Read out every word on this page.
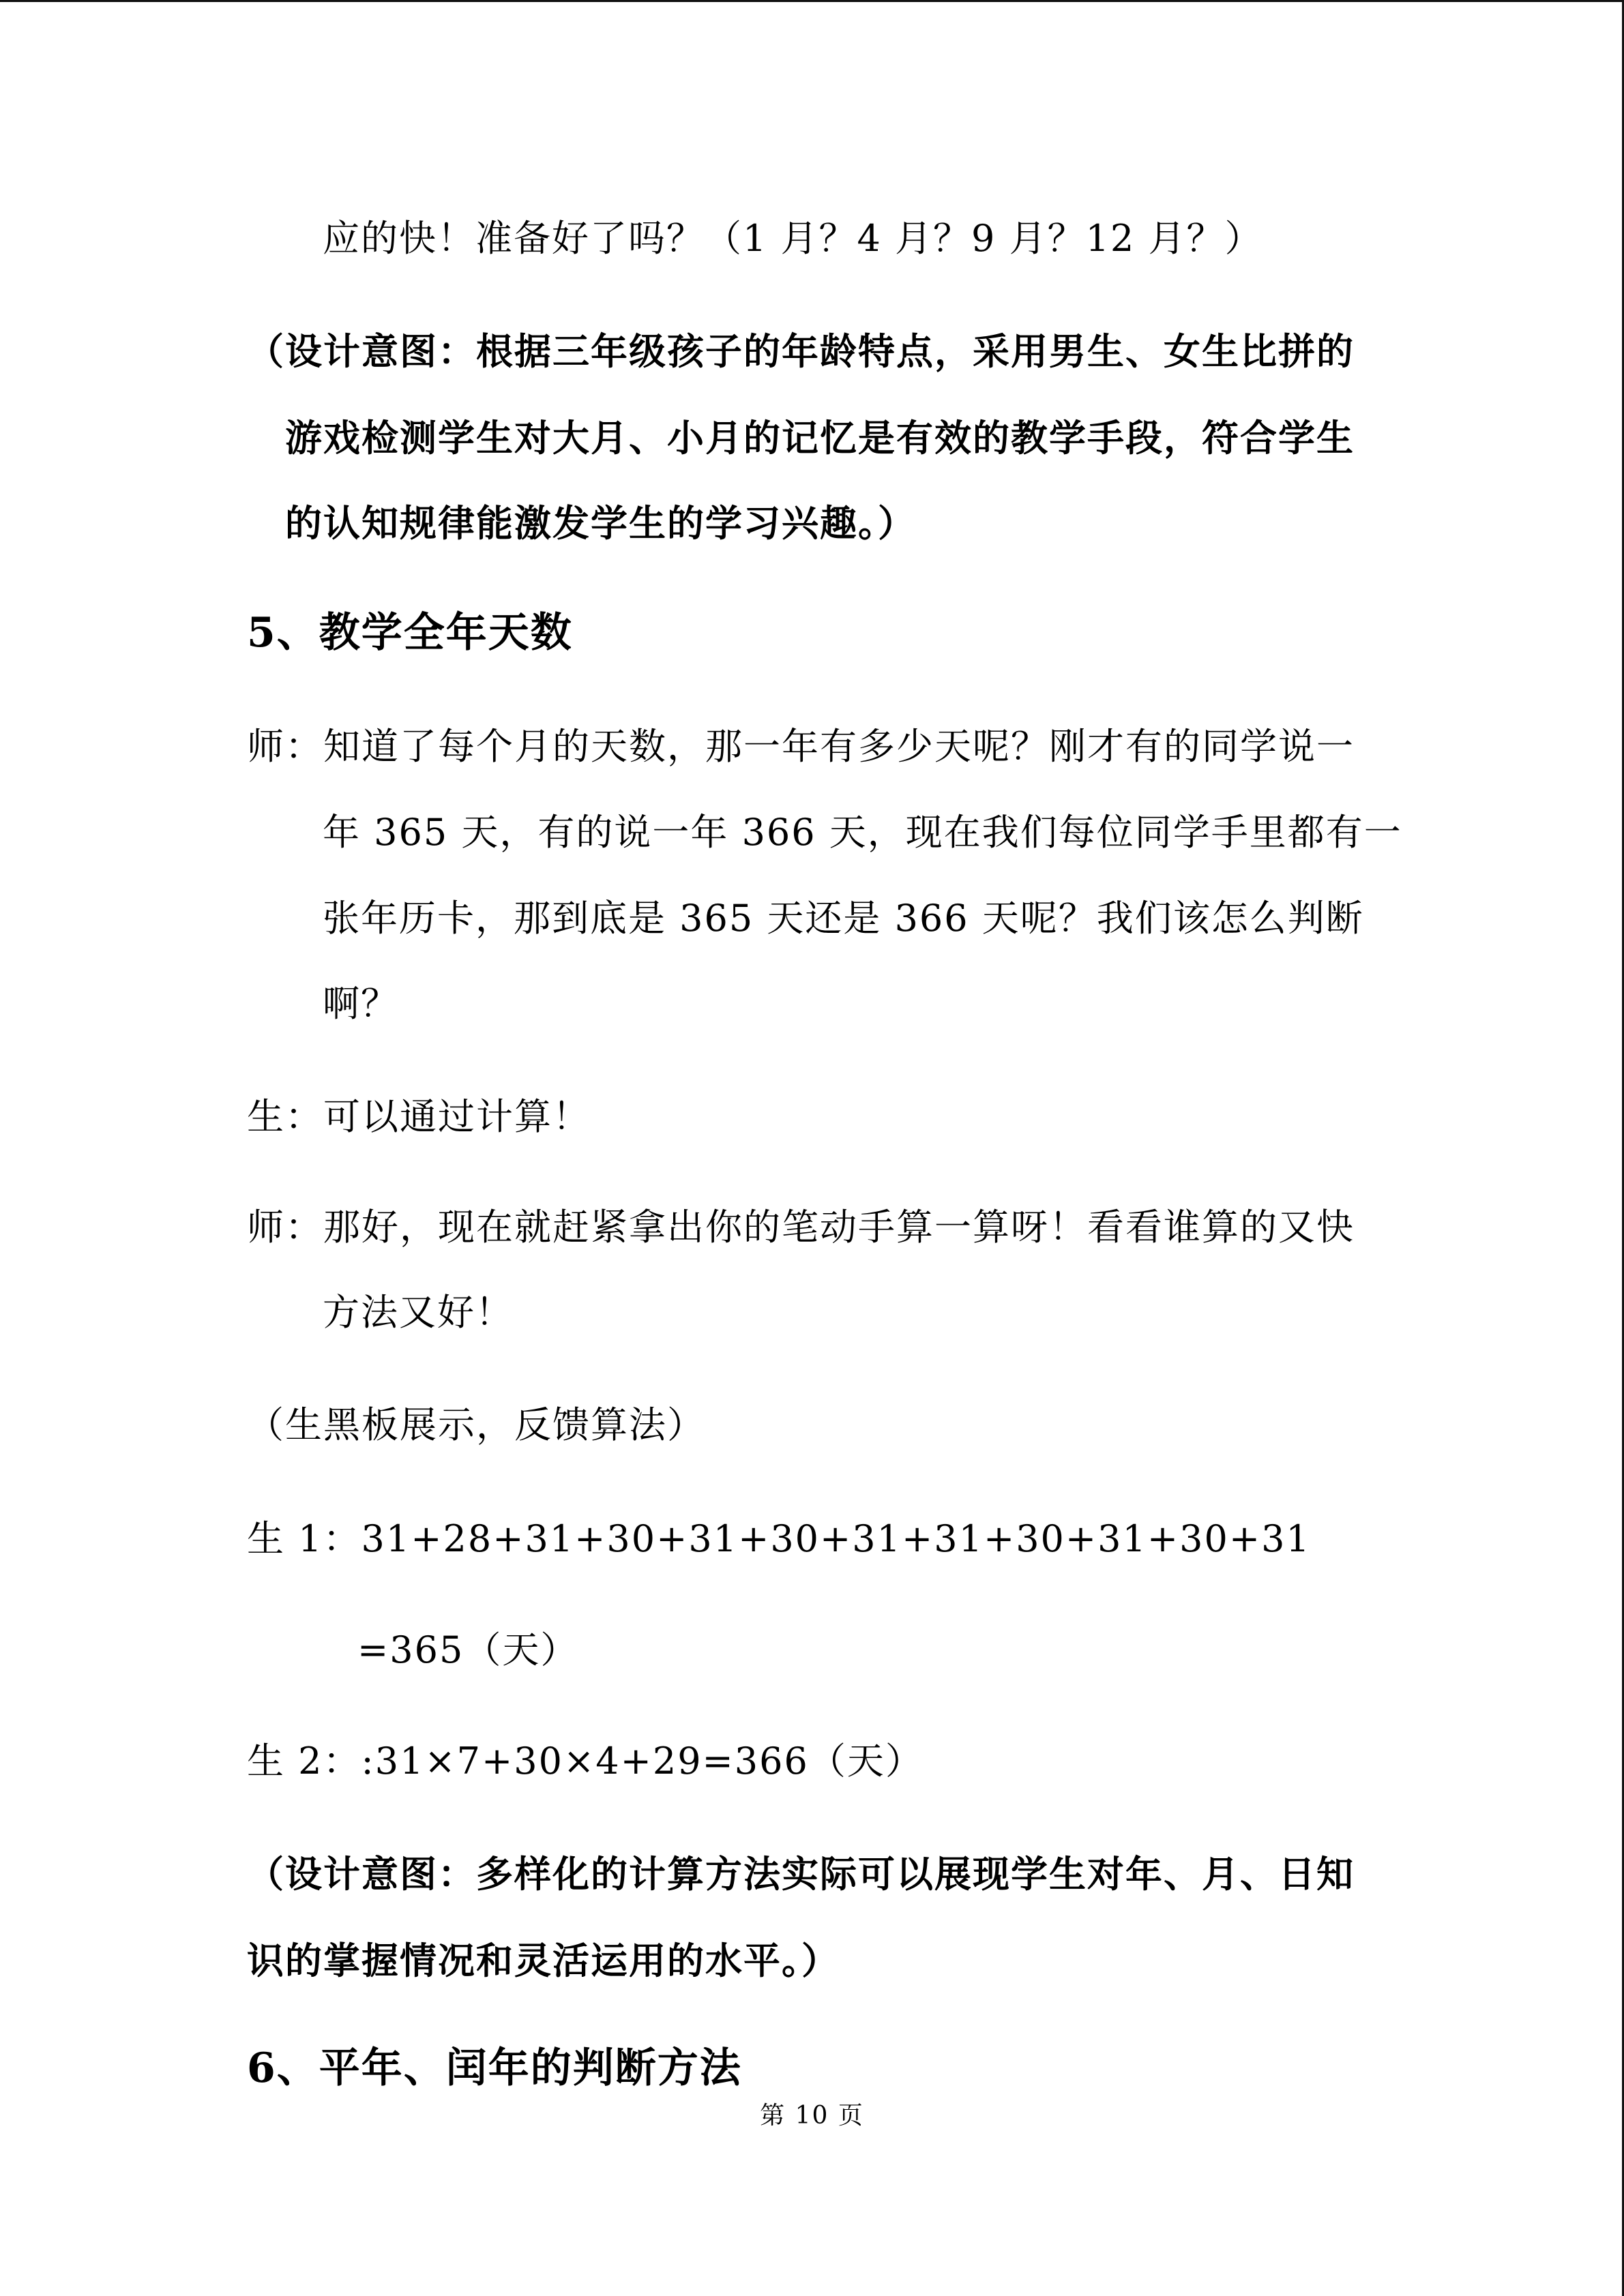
应的快！准备好了吗？（1 月？4 月？9 月？12 月？）
（设计意图：根据三年级孩子的年龄特点，采用男生、女生比拼的
游戏检测学生对大月、小月的记忆是有效的教学手段，符合学生
的认知规律能激发学生的学习兴趣。）
5、教学全年天数
师：知道了每个月的天数，那一年有多少天呢？刚才有的同学说一
年 365 天，有的说一年 366 天，现在我们每位同学手里都有一
张年历卡，那到底是 365 天还是 366 天呢？我们该怎么判断
啊？
生：可以通过计算！
师：那好，现在就赶紧拿出你的笔动手算一算呀！看看谁算的又快
方法又好！
（生黑板展示，反馈算法）
生 1：31+28+31+30+31+30+31+31+30+31+30+31
=365（天）
生 2：:31×7+30×4+29=366（天）
（设计意图：多样化的计算方法实际可以展现学生对年、月、日知
识的掌握情况和灵活运用的水平。）
6、平年、闰年的判断方法
第 10 页
